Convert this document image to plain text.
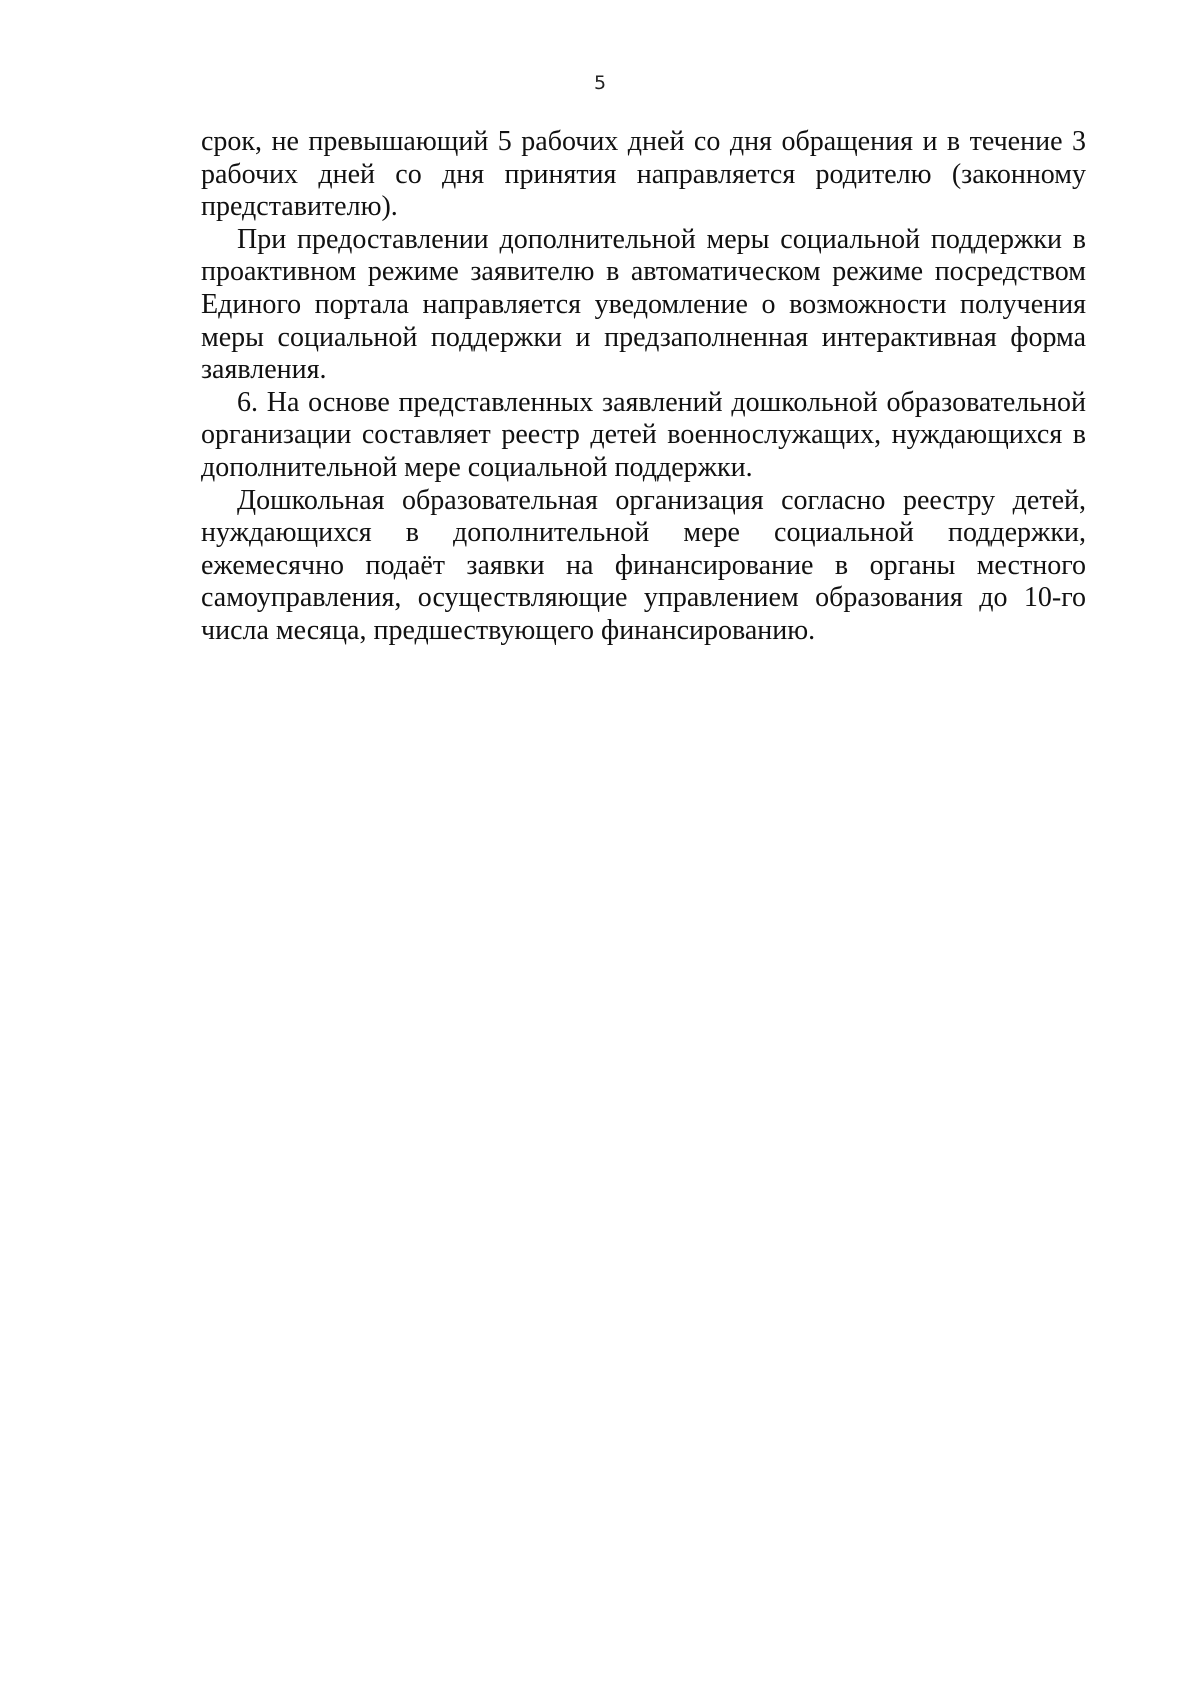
5

срок, не превышающий 5 рабочих дней со дня обращения и в течение 3 рабочих дней со дня принятия направляется родителю (законному представителю).

При предоставлении дополнительной меры социальной поддержки в проактивном режиме заявителю в автоматическом режиме посредством Единого портала направляется уведомление о возможности получения меры социальной поддержки и предзаполненная интерактивная форма заявления.

6. На основе представленных заявлений дошкольной образовательной организации составляет реестр детей военнослужащих, нуждающихся в дополнительной мере социальной поддержки.

Дошкольная образовательная организация согласно реестру детей, нуждающихся в дополнительной мере социальной поддержки, ежемесячно подаёт заявки на финансирование в органы местного самоуправления, осуществляющие управлением образования до 10-го числа месяца, предшествующего финансированию.
